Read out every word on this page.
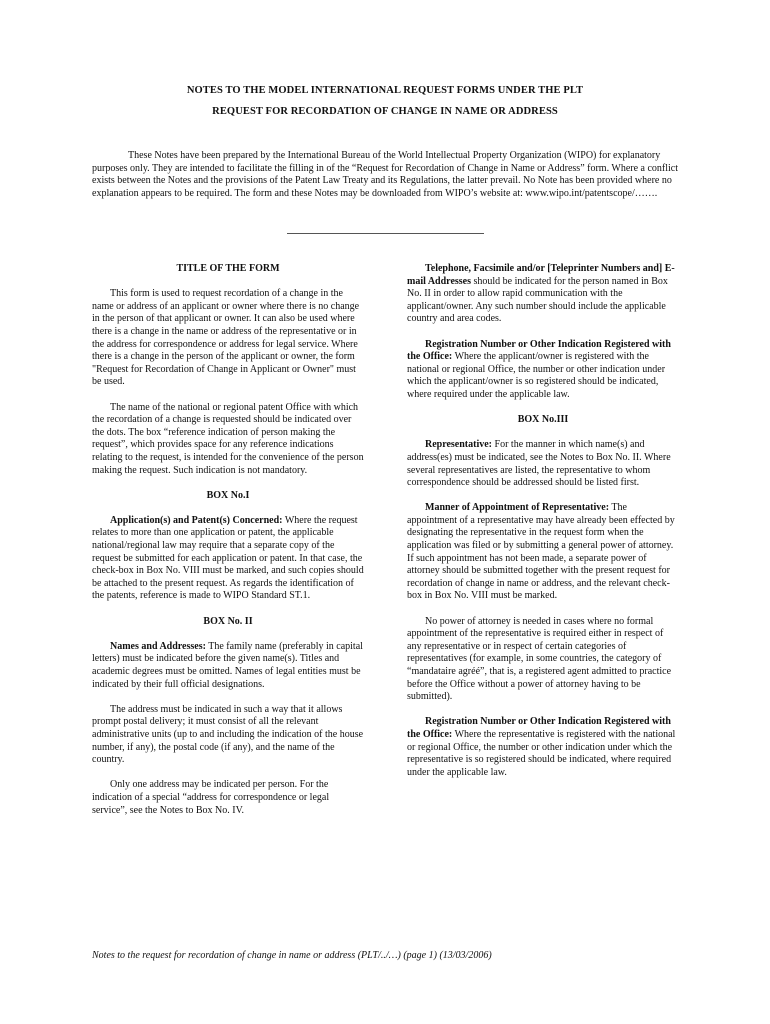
NOTES TO THE MODEL INTERNATIONAL REQUEST FORMS UNDER THE PLT
REQUEST FOR RECORDATION OF CHANGE IN NAME OR ADDRESS

These Notes have been prepared by the International Bureau of the World Intellectual Property Organization (WIPO) for explanatory purposes only. They are intended to facilitate the filling in of the “Request for Recordation of Change in Name or Address” form. Where a conflict exists between the Notes and the provisions of the Patent Law Treaty and its Regulations, the latter prevail. No Note has been provided where no explanation appears to be required. The form and these Notes may be downloaded from WIPO’s website at: www.wipo.int/patentscope/…….

TITLE OF THE FORM

This form is used to request recordation of a change in the name or address of an applicant or owner where there is no change in the person of that applicant or owner. It can also be used where there is a change in the name or address of the representative or in the address for correspondence or address for legal service. Where there is a change in the person of the applicant or owner, the form "Request for Recordation of Change in Applicant or Owner" must be used.

The name of the national or regional patent Office with which the recordation of a change is requested should be indicated over the dots. The box “reference indication of person making the request”, which provides space for any reference indications relating to the request, is intended for the convenience of the person making the request. Such indication is not mandatory.

BOX No.I

Application(s) and Patent(s) Concerned: Where the request relates to more than one application or patent, the applicable national/regional law may require that a separate copy of the request be submitted for each application or patent. In that case, the check-box in Box No. VIII must be marked, and such copies should be attached to the present request. As regards the identification of the patents, reference is made to WIPO Standard ST.1.

BOX No. II

Names and Addresses: The family name (preferably in capital letters) must be indicated before the given name(s). Titles and academic degrees must be omitted. Names of legal entities must be indicated by their full official designations.

The address must be indicated in such a way that it allows prompt postal delivery; it must consist of all the relevant administrative units (up to and including the indication of the house number, if any), the postal code (if any), and the name of the country.

Only one address may be indicated per person. For the indication of a special “address for correspondence or legal service”, see the Notes to Box No. IV.

Telephone, Facsimile and/or [Teleprinter Numbers and] E-mail Addresses should be indicated for the person named in Box No. II in order to allow rapid communication with the applicant/owner. Any such number should include the applicable country and area codes.

Registration Number or Other Indication Registered with the Office: Where the applicant/owner is registered with the national or regional Office, the number or other indication under which the applicant/owner is so registered should be indicated, where required under the applicable law.

BOX No.III

Representative: For the manner in which name(s) and address(es) must be indicated, see the Notes to Box No. II. Where several representatives are listed, the representative to whom correspondence should be addressed should be listed first.

Manner of Appointment of Representative: The appointment of a representative may have already been effected by designating the representative in the request form when the application was filed or by submitting a general power of attorney. If such appointment has not been made, a separate power of attorney should be submitted together with the present request for recordation of change in name or address, and the relevant check-box in Box No. VIII must be marked.

No power of attorney is needed in cases where no formal appointment of the representative is required either in respect of any representative or in respect of certain categories of representatives (for example, in some countries, the category of “mandataire agréé”, that is, a registered agent admitted to practice before the Office without a power of attorney having to be submitted).

Registration Number or Other Indication Registered with the Office: Where the representative is registered with the national or regional Office, the number or other indication under which the representative is so registered should be indicated, where required under the applicable law.

Notes to the request for recordation of change in name or address (PLT/../…) (page 1) (13/03/2006)
